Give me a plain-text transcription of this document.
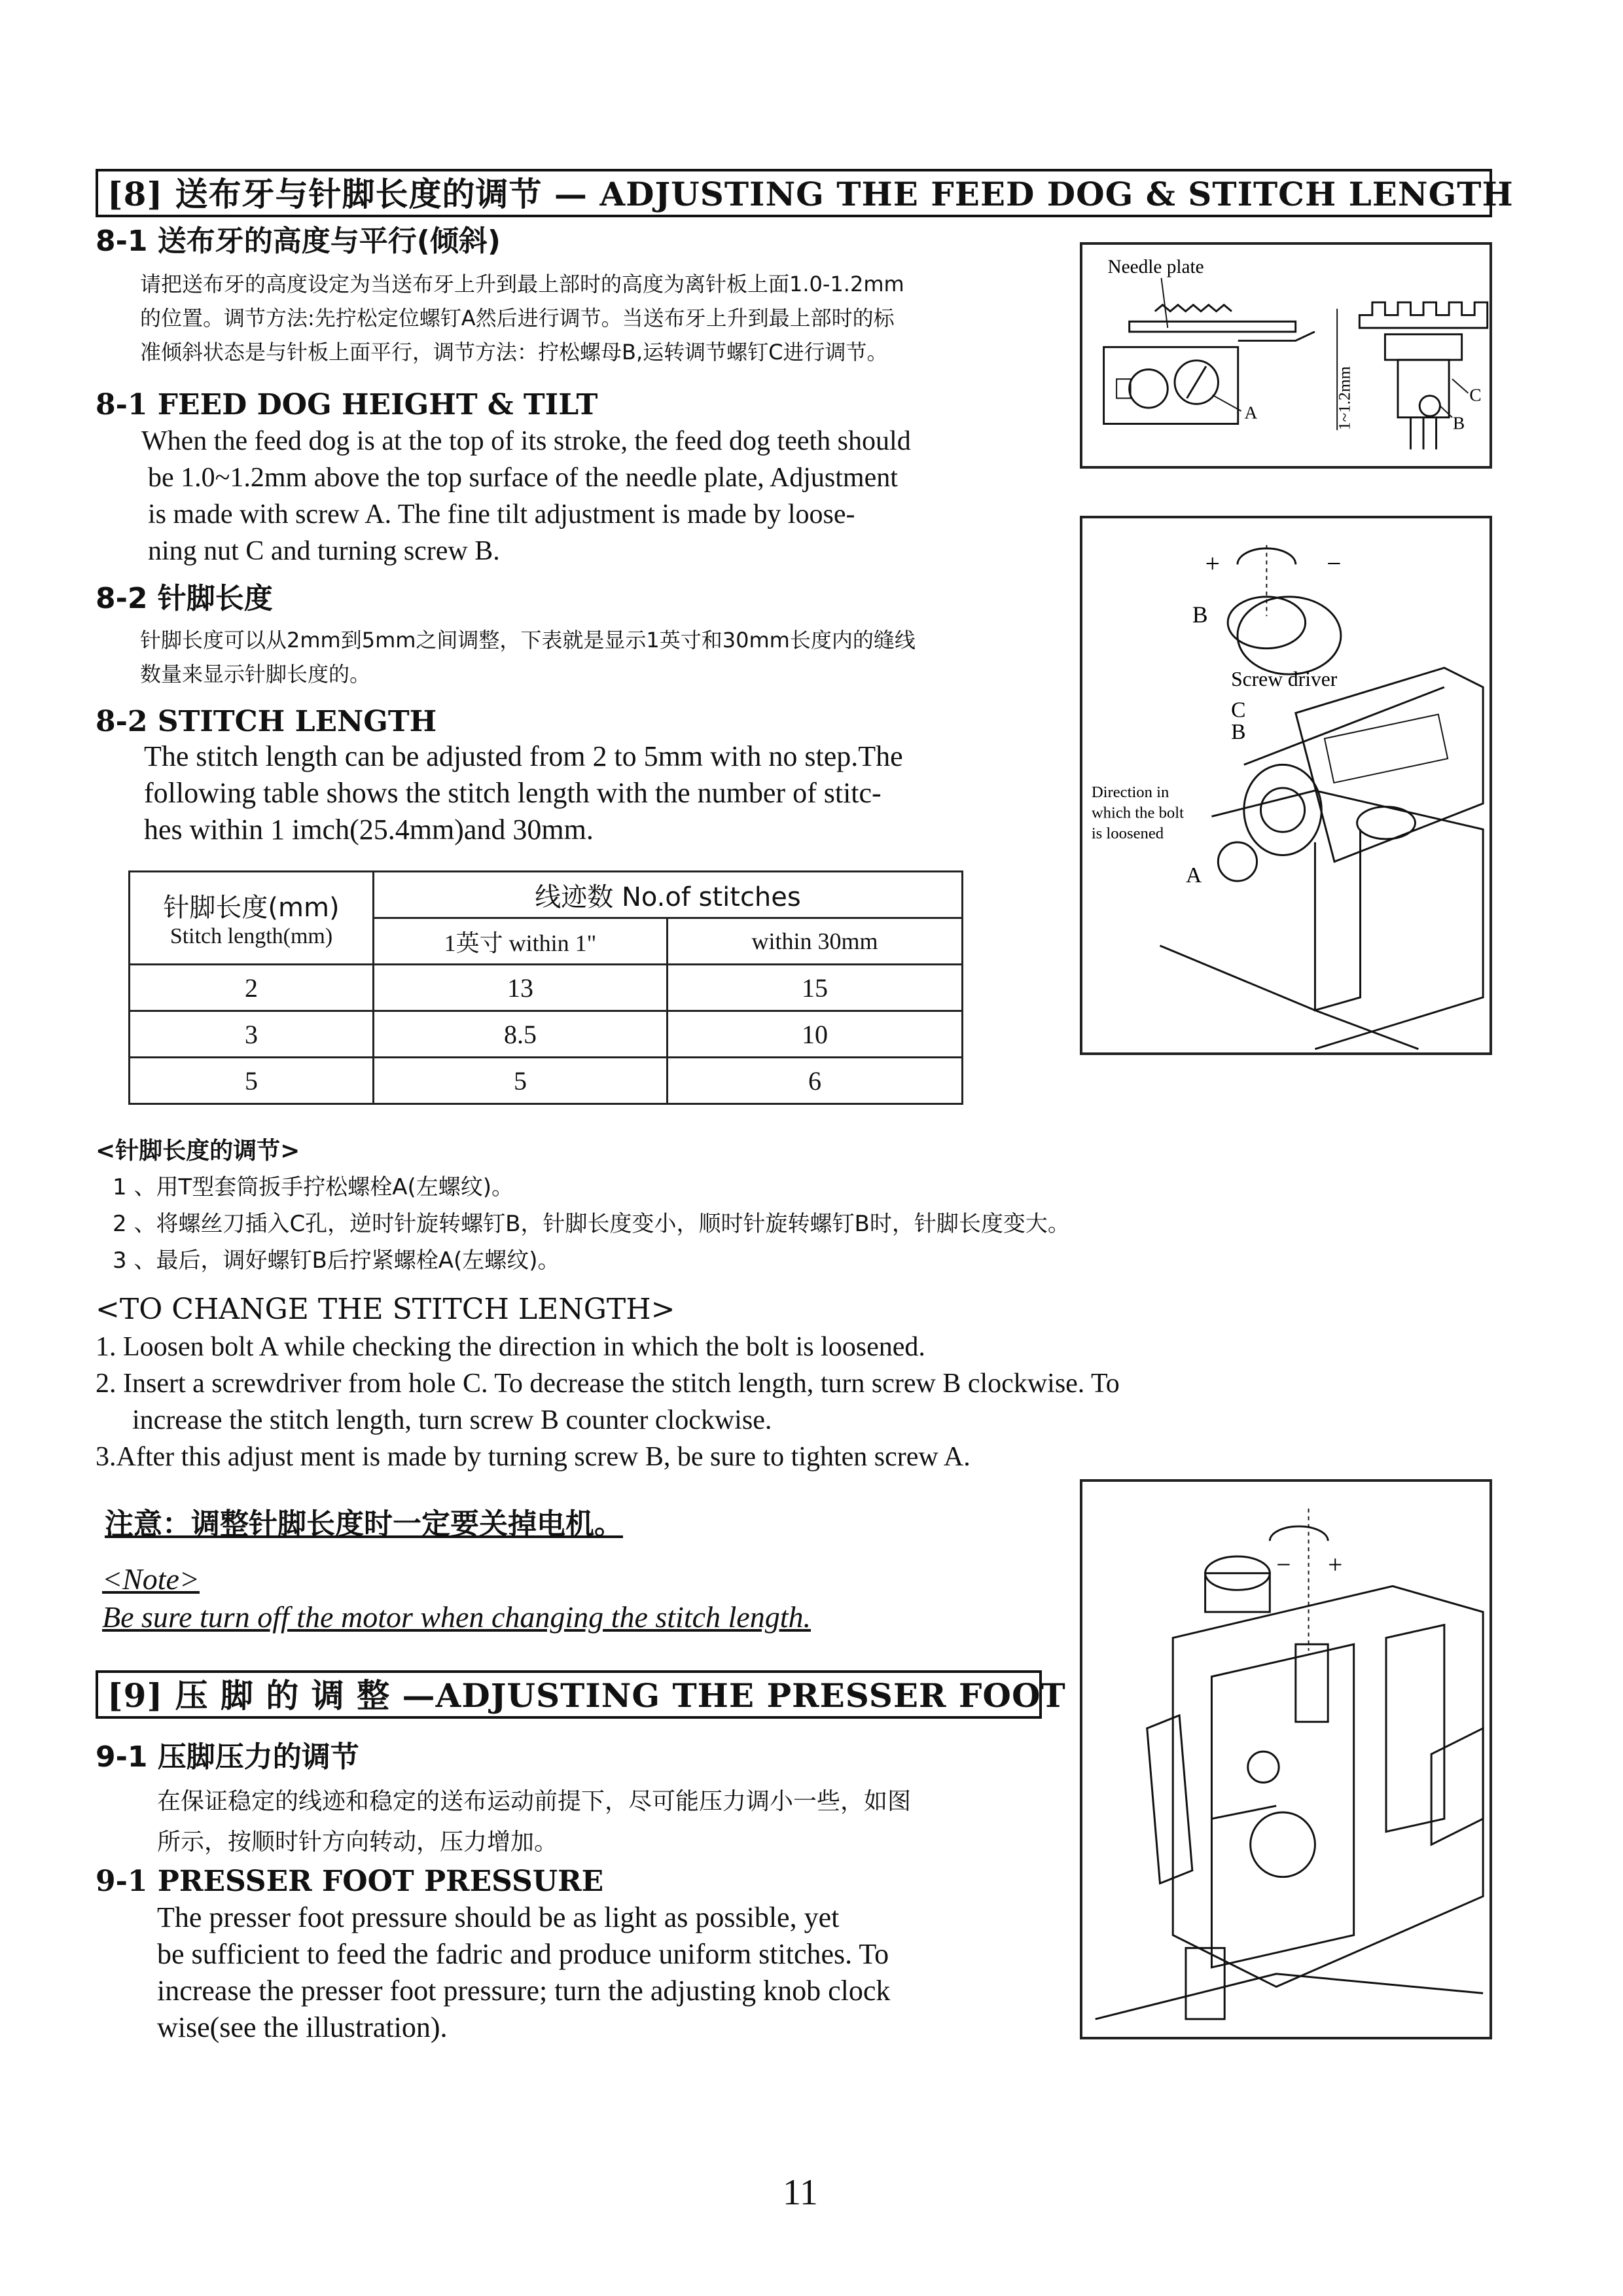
[8] 送布牙与针脚长度的调节 — ADJUSTING THE FEED DOG & STITCH LENGTH
8-1 送布牙的高度与平行(倾斜)

请把送布牙的高度设定为当送布牙上升到最上部时的高度为离针板上面1.0-1.2mm

的位置。调节方法:先拧松定位螺钉A然后进行调节。当送布牙上升到最上部时的标

准倾斜状态是与针板上面平行，调节方法：拧松螺母B,运转调节螺钉C进行调节。

8-1 FEED DOG HEIGHT & TILT

When the feed dog is at the top of its stroke, the feed dog teeth should

be 1.0~1.2mm above the top surface of the needle plate, Adjustment

is made with screw A. The fine tilt adjustment is made by loose-

ning nut C and turning screw B.

8-2 针脚长度

针脚长度可以从2mm到5mm之间调整，下表就是显示1英寸和30mm长度内的缝线

数量来显示针脚长度的。

8-2 STITCH LENGTH

The stitch length can be adjusted from 2 to 5mm with no step.The

following table shows the stitch length with the number of stitc-

hes within 1 imch(25.4mm)and 30mm.

针脚长度(mm)
Stitch length(mm)	线迹数 No.of stitches	
	1英寸 within 1"	within 30mm
2	13	15
3	8.5	10
5	5	6
<针脚长度的调节>

1 、用T型套筒扳手拧松螺栓A(左螺纹)。

2 、将螺丝刀插入C孔，逆时针旋转螺钉B，针脚长度变小，顺时针旋转螺钉B时，针脚长度变大。

3 、最后，调好螺钉B后拧紧螺栓A(左螺纹)。

<TO CHANGE THE STITCH LENGTH>

1. Loosen bolt A while checking the direction in which the bolt is loosened.

2. Insert a screwdriver from hole C. To decrease the stitch length, turn screw B clockwise. To

increase the stitch length, turn screw B counter clockwise.

3.After this adjust ment is made by turning screw B, be sure to tighten screw A.

注意：调整针脚长度时一定要关掉电机。
<Note>
Be sure turn off the motor when changing the stitch length.
[9] 压 脚 的 调 整 —ADJUSTING THE PRESSER FOOT
9-1 压脚压力的调节

在保证稳定的线迹和稳定的送布运动前提下，尽可能压力调小一些，如图

所示，按顺时针方向转动，压力增加。

9-1 PRESSER FOOT PRESSURE

The presser foot pressure should be as light as possible, yet

be sufficient to feed the fadric and produce uniform stitches. To

increase the presser foot pressure; turn the adjusting knob clock

wise(see the illustration).

Needle plate
A	1~1.2mm	C
B
+	−
B
Screw driver
C
B
Direction in
which the bolt
is loosened
A
− +
11
